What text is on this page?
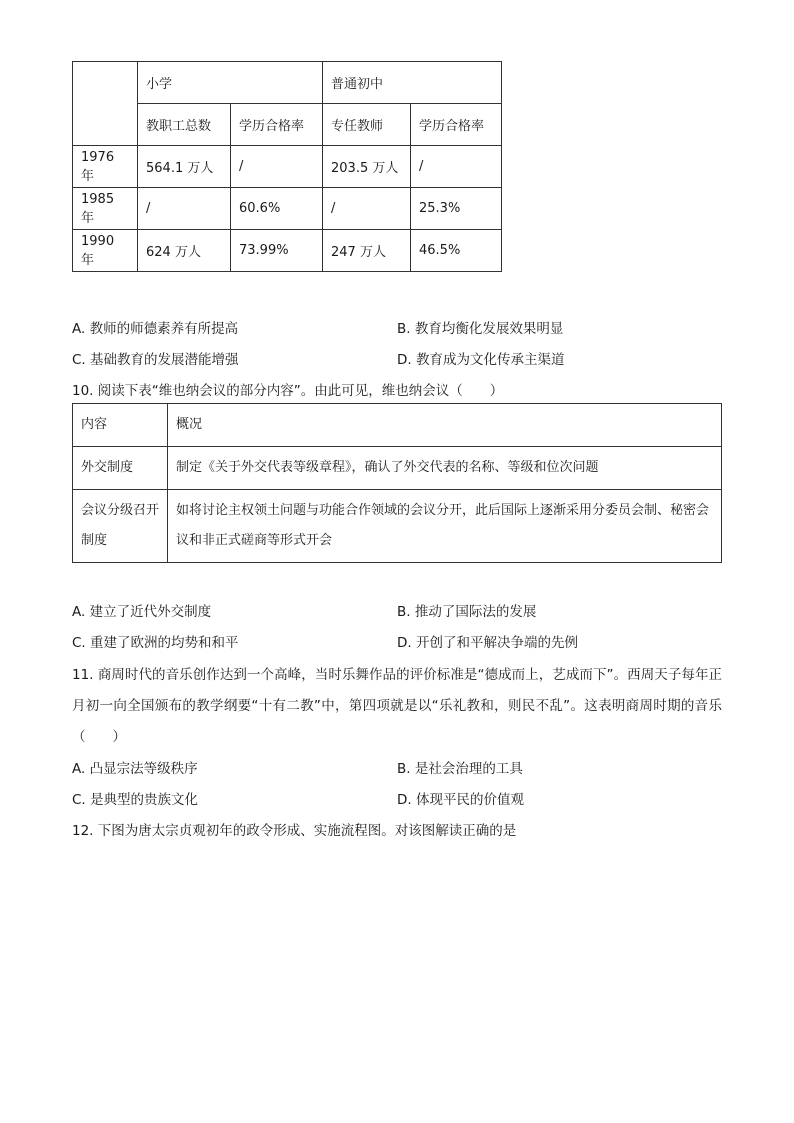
	小学		普通初中	
	教职工总数	学历合格率	专任教师	学历合格率
1976 年	564.1 万人	/	203.5 万人	/
1985 年	/	60.6%	/	25.3%
1990 年	624 万人	73.99%	247 万人	46.5%
A. 教师的师德素养有所提高	B. 教育均衡化发展效果明显
C. 基础教育的发展潜能增强	D. 教育成为文化传承主渠道
10. 阅读下表“维也纳会议的部分内容”。由此可见，维也纳会议（　　）
内容	概况
外交制度	制定《关于外交代表等级章程》，确认了外交代表的名称、等级和位次问题
会议分级召开制度	如将讨论主权领土问题与功能合作领域的会议分开，此后国际上逐渐采用分委员会制、秘密会议和非正式磋商等形式开会
A. 建立了近代外交制度	B. 推动了国际法的发展
C. 重建了欧洲的均势和和平	D. 开创了和平解决争端的先例
11. 商周时代的音乐创作达到一个高峰，当时乐舞作品的评价标准是“德成而上，艺成而下”。西周天子每年正月初一向全国颁布的教学纲要“十有二教”中，第四项就是以“乐礼教和，则民不乱”。这表明商周时期的音乐（　　）
A. 凸显宗法等级秩序	B. 是社会治理的工具
C. 是典型的贵族文化	D. 体现平民的价值观
12. 下图为唐太宗贞观初年的政令形成、实施流程图。对该图解读正确的是
